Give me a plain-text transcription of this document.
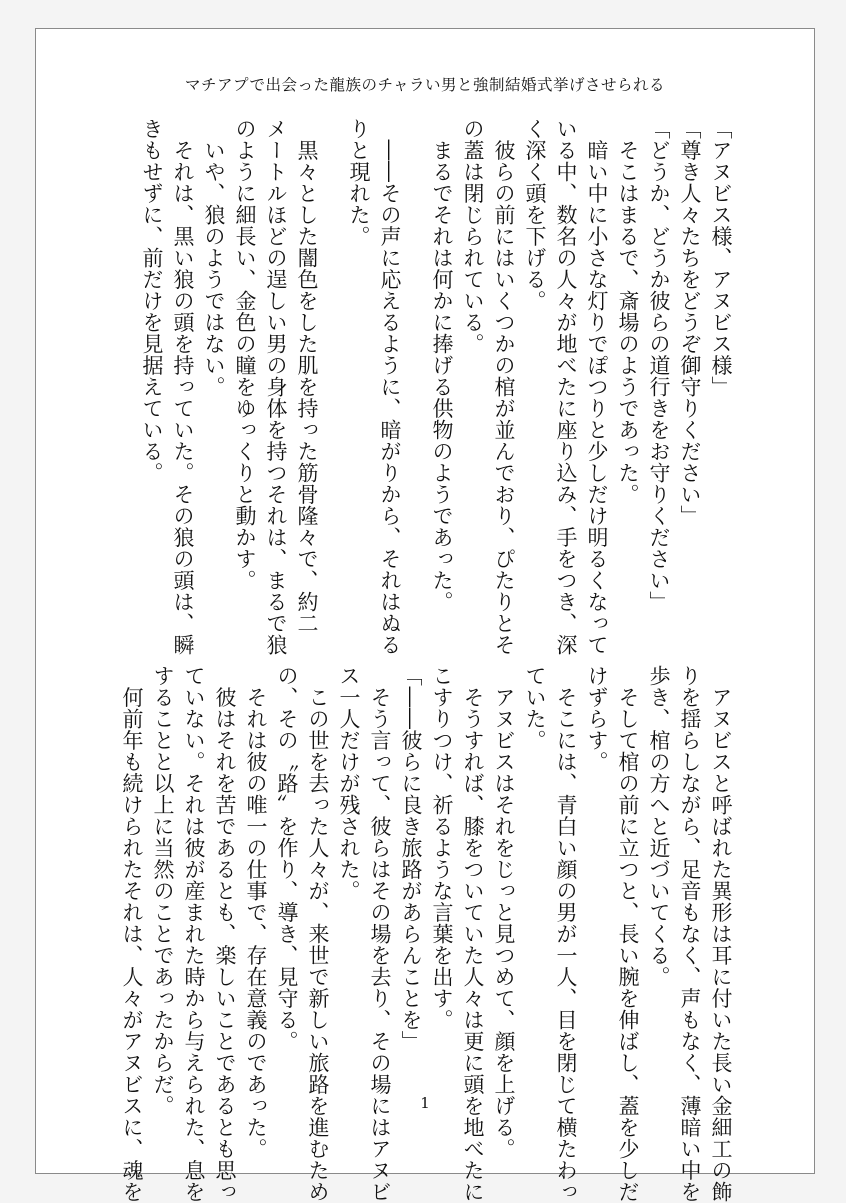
マチアプで出会った龍族のチャラい男と強制結婚式挙げさせられる
「アヌビス様、アヌビス様」
「尊き人々たちをどうぞ御守りください」
「どうか、どうか彼らの道行きをお守りください」
　そこはまるで、斎場のようであった。
　暗い中に小さな灯りでぽつりと少しだけ明るくなって
いる中、数名の人々が地べたに座り込み、手をつき、深
く深く頭を下げる。
　彼らの前にはいくつかの棺が並んでおり、ぴたりとそ
の蓋は閉じられている。
　まるでそれは何かに捧げる供物のようであった。
　――その声に応えるように、暗がりから、それはぬる
りと現れた。
　黒々とした闇色をした肌を持った筋骨隆々で、約二
メートルほどの逞しい男の身体を持つそれは、まるで狼
のように細長い、金色の瞳をゆっくりと動かす。
　いや、狼のようではない。
　それは、黒い狼の頭を持っていた。その狼の頭は、瞬
きもせずに、前だけを見据えている。
　アヌビスと呼ばれた異形は耳に付いた長い金細工の飾
りを揺らしながら、足音もなく、声もなく、薄暗い中を
歩き、棺の方へと近づいてくる。
　そして棺の前に立つと、長い腕を伸ばし、蓋を少しだ
けずらす。
　そこには、青白い顔の男が一人、目を閉じて横たわっ
ていた。
　アヌビスはそれをじっと見つめて、顔を上げる。
　そうすれば、膝をついていた人々は更に頭を地べたに
こすりつけ、祈るような言葉を出す。
「――彼らに良き旅路があらんことを」
　そう言って、彼らはその場を去り、その場にはアヌビ
ス一人だけが残された。
　この世を去った人々が、来世で新しい旅路を進むため
の、その〝路〟を作り、導き、見守る。
　それは彼の唯一の仕事で、存在意義のであった。
　彼はそれを苦であるとも、楽しいことであるとも思っ
ていない。それは彼が産まれた時から与えられた、息を
することと以上に当然のことであったからだ。
　何前年も続けられたそれは、人々がアヌビスに、魂を	1
